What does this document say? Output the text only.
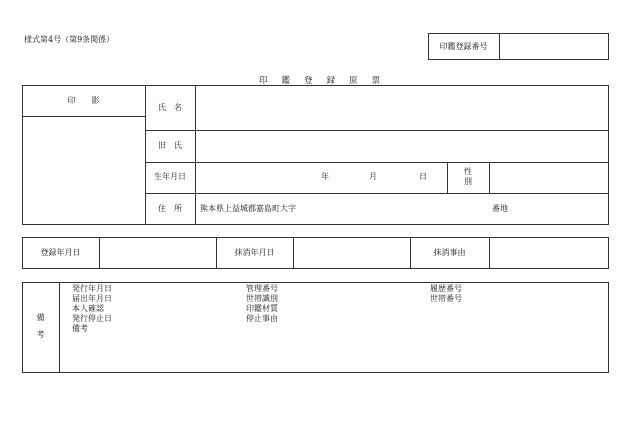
様式第4号（第9条関係）
印鑑登録番号
印 鑑 登 録 原 票
印　　影
氏　名
旧　氏
生年月日	年	月	日
性
別
住　所	熊本県上益城郡嘉島町大字	番地
登録年月日	抹消年月日	抹消事由
備
考
発行年月日
届出年月日
本人確認
発行停止日
備考
管理番号
世帯識別
印鑑材質
停止事由
履歴番号
世帯番号
